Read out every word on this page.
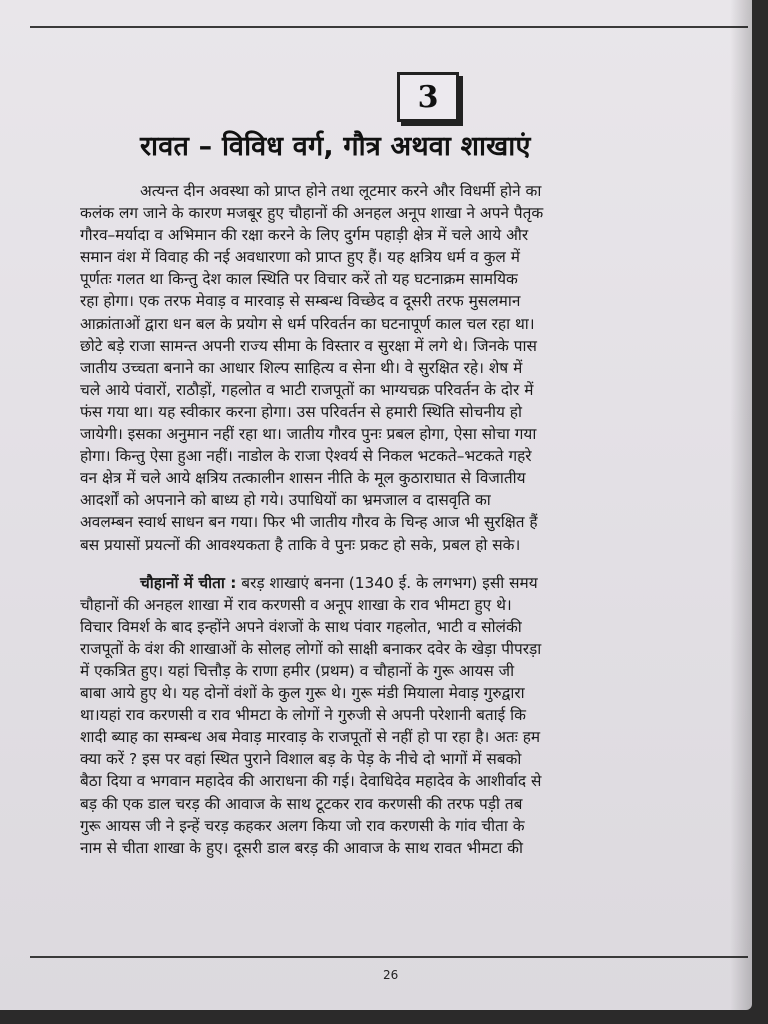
3
रावत – विविध वर्ग, गौत्र अथवा शाखाएं
अत्यन्त दीन अवस्था को प्राप्त होने तथा लूटमार करने और विधर्मी होने का
कलंक लग जाने के कारण मजबूर हुए चौहानों की अनहल अनूप शाखा ने अपने पैतृक
गौरव–मर्यादा व अभिमान की रक्षा करने के लिए दुर्गम पहाड़ी क्षेत्र में चले आये और
समान वंश में विवाह की नई अवधारणा को प्राप्त हुए हैं। यह क्षत्रिय धर्म व कुल में
पूर्णतः गलत था किन्तु देश काल स्थिति पर विचार करें तो यह घटनाक्रम सामयिक
रहा होगा। एक तरफ मेवाड़ व मारवाड़ से सम्बन्ध विच्छेद व दूसरी तरफ मुसलमान
आक्रांताओं द्वारा धन बल के प्रयोग से धर्म परिवर्तन का घटनापूर्ण काल चल रहा था।
छोटे बड़े राजा सामन्त अपनी राज्य सीमा के विस्तार व सुरक्षा में लगे थे। जिनके पास
जातीय उच्चता बनाने का आधार शिल्प साहित्य व सेना थी। वे सुरक्षित रहे। शेष में
चले आये पंवारों, राठौड़ों, गहलोत व भाटी राजपूतों का भाग्यचक्र परिवर्तन के दोर में
फंस गया था। यह स्वीकार करना होगा। उस परिवर्तन से हमारी स्थिति सोचनीय हो
जायेगी। इसका अनुमान नहीं रहा था। जातीय गौरव पुनः प्रबल होगा, ऐसा सोचा गया
होगा। किन्तु ऐसा हुआ नहीं। नाडोल के राजा ऐश्वर्य से निकल भटकते–भटकते गहरे
वन क्षेत्र में चले आये क्षत्रिय तत्कालीन शासन नीति के मूल कुठाराघात से विजातीय
आदर्शों को अपनाने को बाध्य हो गये। उपाधियों का भ्रमजाल व दासवृति का
अवलम्बन स्वार्थ साधन बन गया। फिर भी जातीय गौरव के चिन्ह आज भी सुरक्षित हैं
बस प्रयासों प्रयत्नों की आवश्यकता है ताकि वे पुनः प्रकट हो सके, प्रबल हो सके।
चौहानों में चीता : बरड़ शाखाएं बनना (1340 ई. के लगभग) इसी समय
चौहानों की अनहल शाखा में राव करणसी व अनूप शाखा के राव भीमटा हुए थे।
विचार विमर्श के बाद इन्होंने अपने वंशजों के साथ पंवार गहलोत, भाटी व सोलंकी
राजपूतों के वंश की शाखाओं के सोलह लोगों को साक्षी बनाकर दवेर के खेड़ा पीपरड़ा
में एकत्रित हुए। यहां चित्तौड़ के राणा हमीर (प्रथम) व चौहानों के गुरू आयस जी
बाबा आये हुए थे। यह दोनों वंशों के कुल गुरू थे। गुरू मंडी मियाला मेवाड़ गुरुद्वारा
था।यहां राव करणसी व राव भीमटा के लोगों ने गुरुजी से अपनी परेशानी बताई कि
शादी ब्याह का सम्बन्ध अब मेवाड़ मारवाड़ के राजपूतों से नहीं हो पा रहा है। अतः हम
क्या करें ? इस पर वहां स्थित पुराने विशाल बड़ के पेड़ के नीचे दो भागों में सबको
बैठा दिया व भगवान महादेव की आराधना की गई। देवाधिदेव महादेव के आशीर्वाद से
बड़ की एक डाल चरड़ की आवाज के साथ टूटकर राव करणसी की तरफ पड़ी तब
गुरू आयस जी ने इन्हें चरड़ कहकर अलग किया जो राव करणसी के गांव चीता के
नाम से चीता शाखा के हुए। दूसरी डाल बरड़ की आवाज के साथ रावत भीमटा की
26
